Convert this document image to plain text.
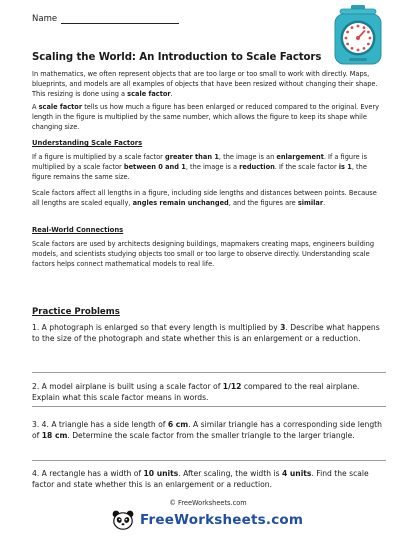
Name
Scaling the World: An Introduction to Scale Factors

In mathematics, we often represent objects that are too large or too small to work with directly. Maps, blueprints, and models are all examples of objects that have been resized without changing their shape. This resizing is done using a scale factor.

A scale factor tells us how much a figure has been enlarged or reduced compared to the original. Every length in the figure is multiplied by the same number, which allows the figure to keep its shape while changing size.

Understanding Scale Factors

If a figure is multiplied by a scale factor greater than 1, the image is an enlargement. If a figure is multiplied by a scale factor between 0 and 1, the image is a reduction. If the scale factor is 1, the figure remains the same size.

Scale factors affect all lengths in a figure, including side lengths and distances between points. Because all lengths are scaled equally, angles remain unchanged, and the figures are similar.

Real-World Connections

Scale factors are used by architects designing buildings, mapmakers creating maps, engineers building models, and scientists studying objects too small or too large to observe directly. Understanding scale factors helps connect mathematical models to real life.

Practice Problems

1. A photograph is enlarged so that every length is multiplied by 3. Describe what happens to the size of the photograph and state whether this is an enlargement or a reduction.

2. A model airplane is built using a scale factor of 1/12 compared to the real airplane. Explain what this scale factor means in words.

3. 4. A triangle has a side length of 6 cm. A similar triangle has a corresponding side length of 18 cm. Determine the scale factor from the smaller triangle to the larger triangle.

4. A rectangle has a width of 10 units. After scaling, the width is 4 units. Find the scale factor and state whether this is an enlargement or a reduction.

© FreeWorksheets.com
FreeWorksheets.com
